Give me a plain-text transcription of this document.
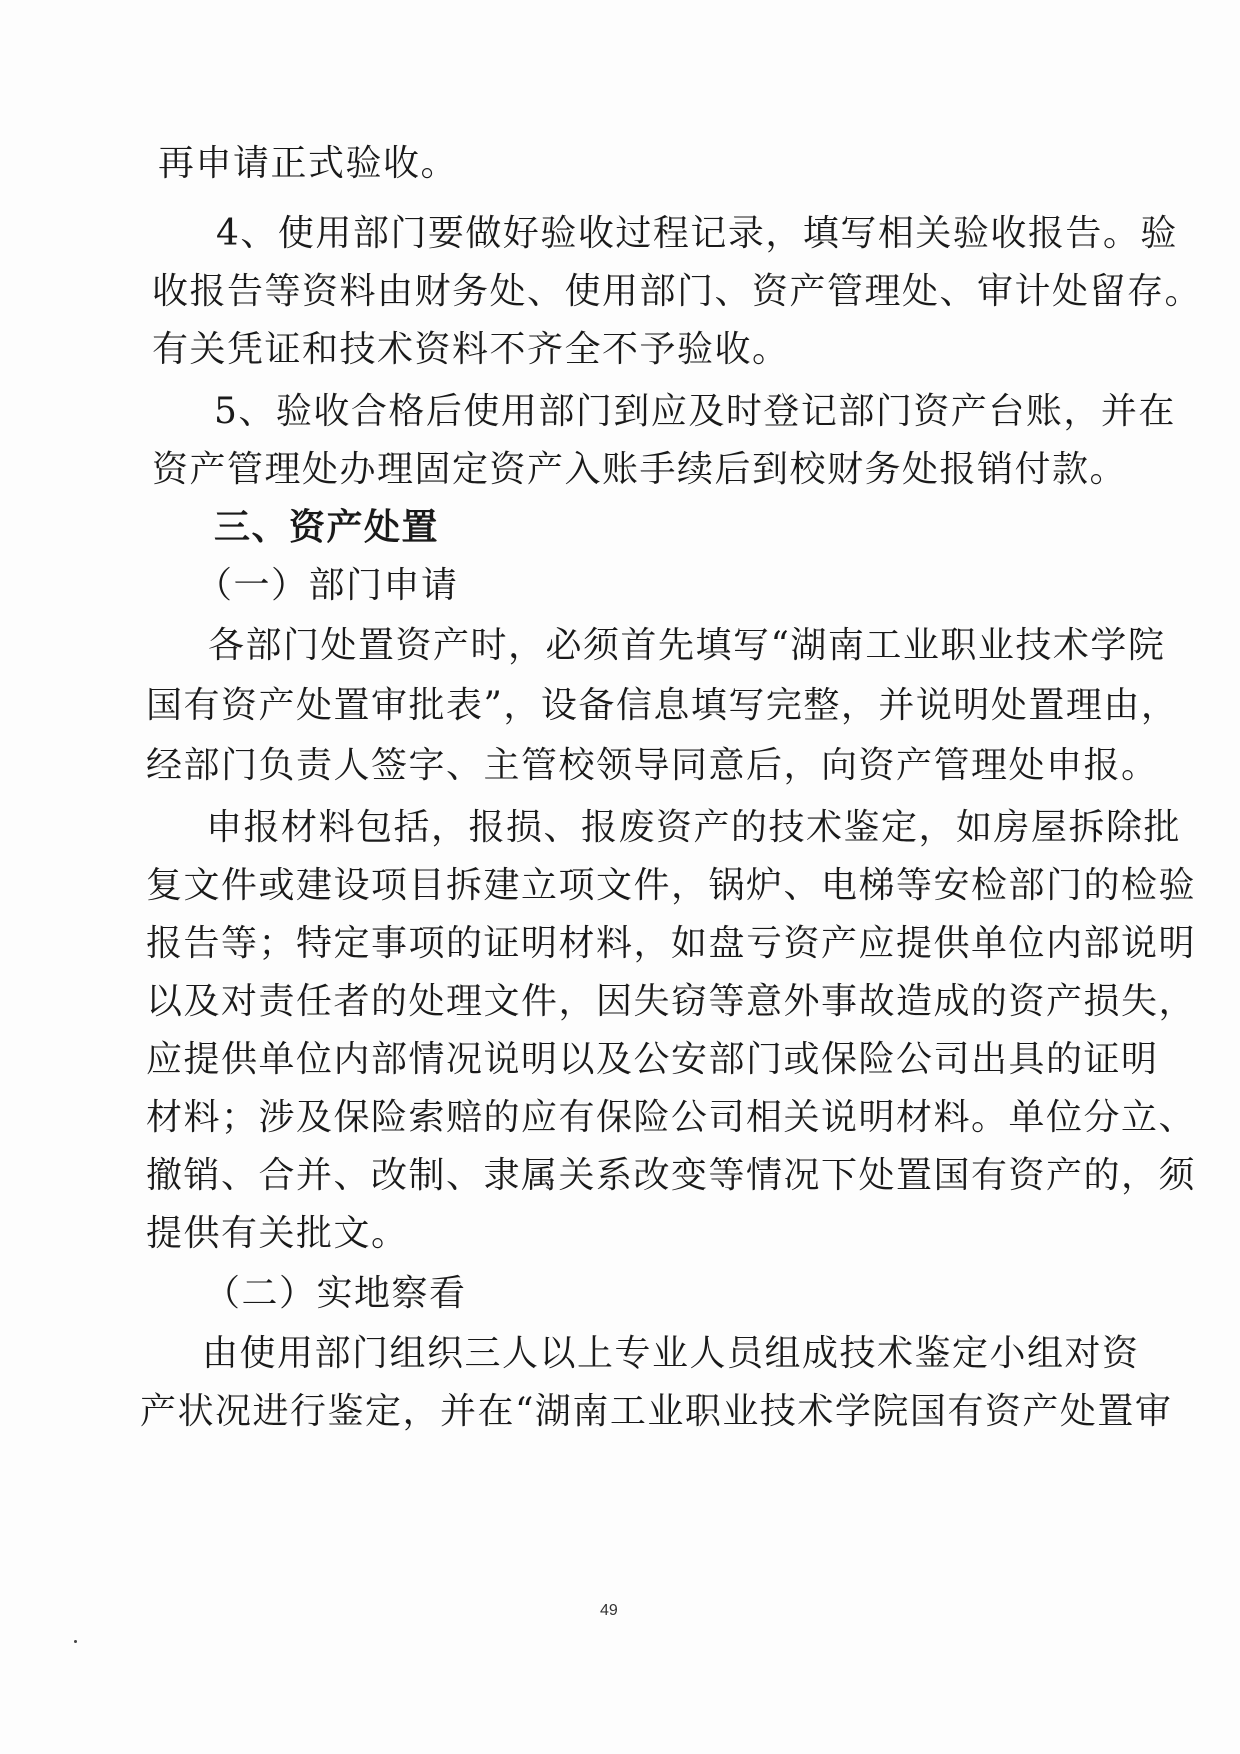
再申请正式验收。
4、使用部门要做好验收过程记录，填写相关验收报告。验
收报告等资料由财务处、使用部门、资产管理处、审计处留存。
有关凭证和技术资料不齐全不予验收。
5、验收合格后使用部门到应及时登记部门资产台账，并在
资产管理处办理固定资产入账手续后到校财务处报销付款。
三、资产处置
（一）部门申请
各部门处置资产时，必须首先填写“湖南工业职业技术学院
国有资产处置审批表”，设备信息填写完整，并说明处置理由，
经部门负责人签字、主管校领导同意后，向资产管理处申报。
申报材料包括，报损、报废资产的技术鉴定，如房屋拆除批
复文件或建设项目拆建立项文件，锅炉、电梯等安检部门的检验
报告等；特定事项的证明材料，如盘亏资产应提供单位内部说明
以及对责任者的处理文件，因失窃等意外事故造成的资产损失，
应提供单位内部情况说明以及公安部门或保险公司出具的证明
材料；涉及保险索赔的应有保险公司相关说明材料。单位分立、
撤销、合并、改制、隶属关系改变等情况下处置国有资产的，须
提供有关批文。
（二）实地察看
由使用部门组织三人以上专业人员组成技术鉴定小组对资
产状况进行鉴定，并在“湖南工业职业技术学院国有资产处置审
49
